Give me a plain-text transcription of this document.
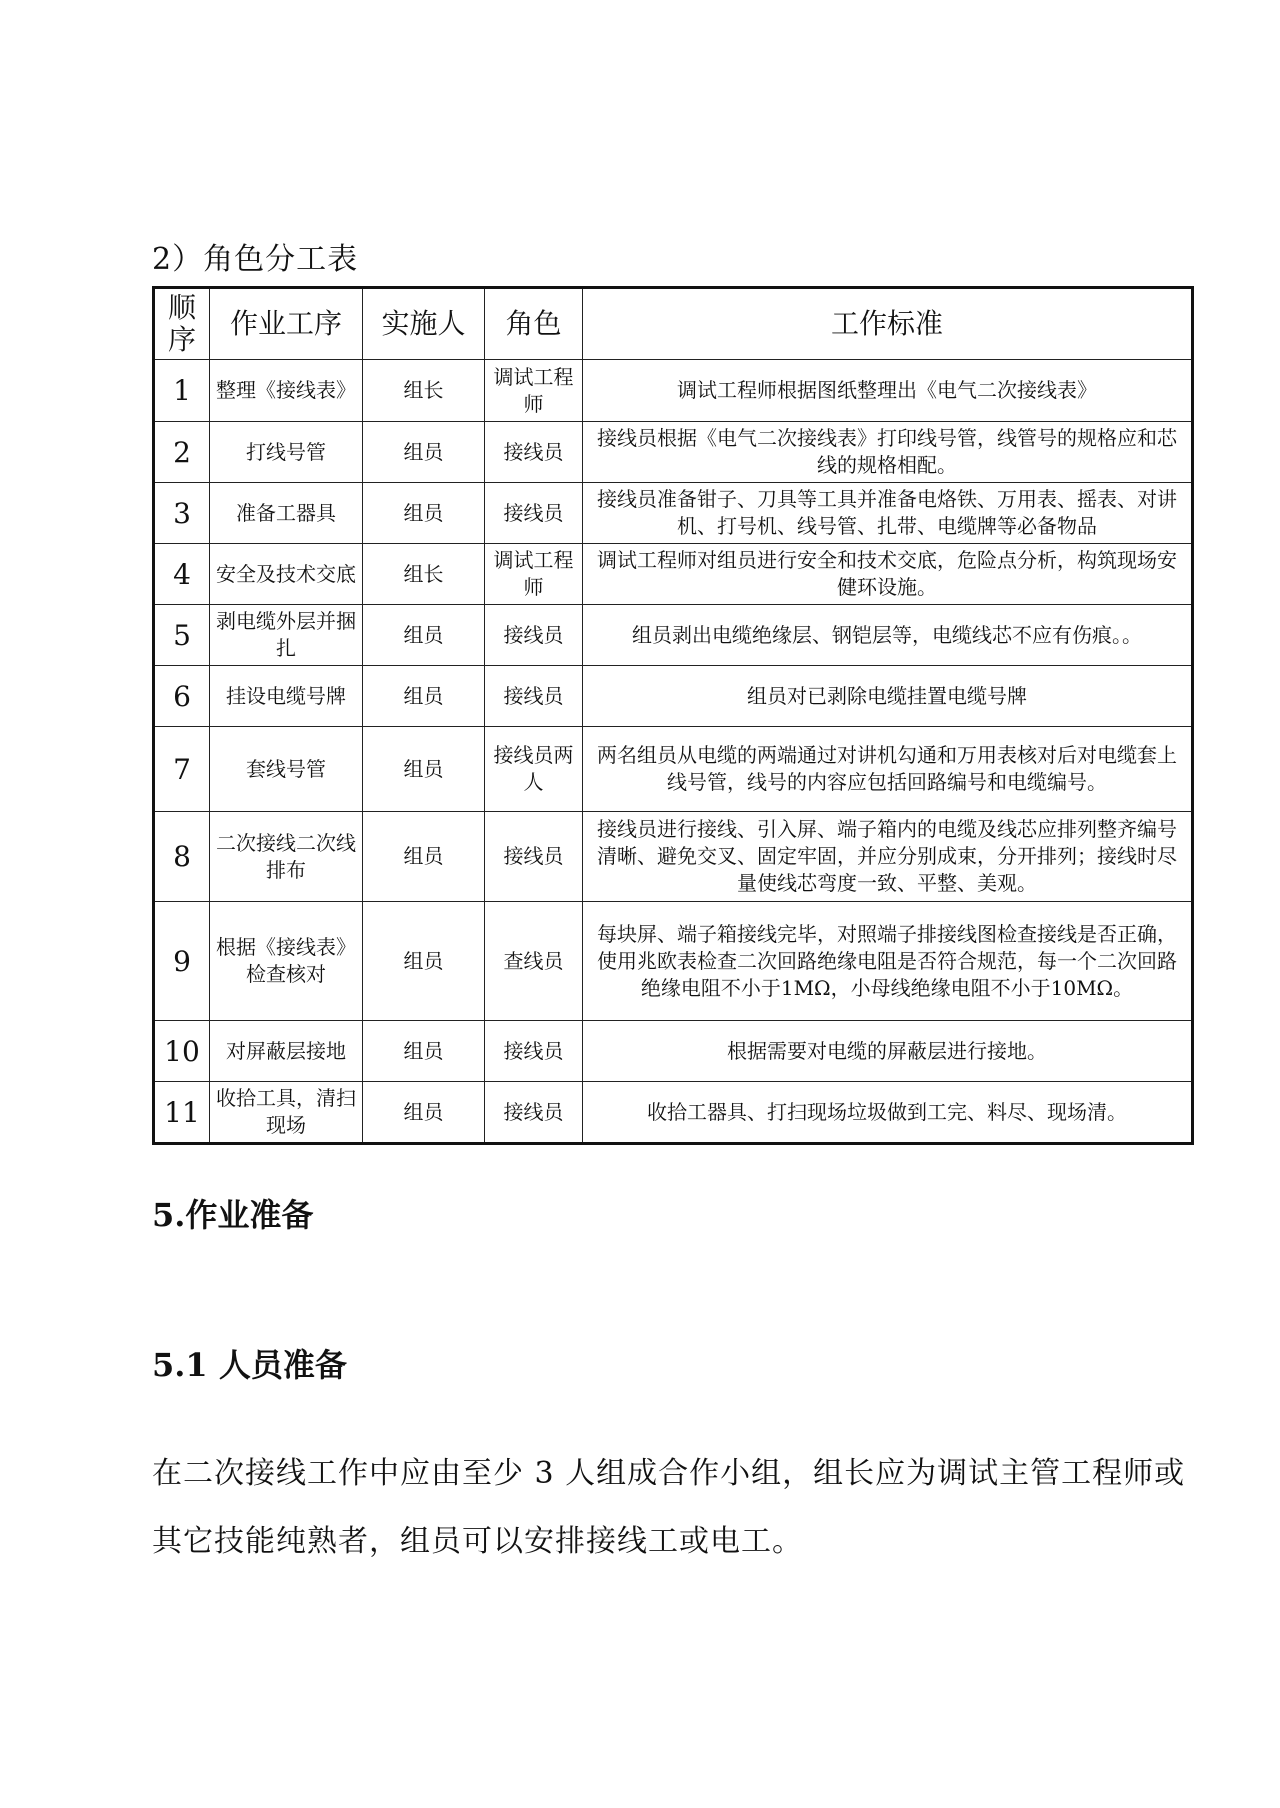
2）角色分工表
顺序	作业工序	实施人	角色	工作标准
1	整理《接线表》	组长	调试工程师	调试工程师根据图纸整理出《电气二次接线表》
2	打线号管	组员	接线员	接线员根据《电气二次接线表》打印线号管，线管号的规格应和芯线的规格相配。
3	准备工器具	组员	接线员	接线员准备钳子、刀具等工具并准备电烙铁、万用表、摇表、对讲机、打号机、线号管、扎带、电缆牌等必备物品
4	安全及技术交底	组长	调试工程师	调试工程师对组员进行安全和技术交底，危险点分析，构筑现场安健环设施。
5	剥电缆外层并捆扎	组员	接线员	组员剥出电缆绝缘层、钢铠层等，电缆线芯不应有伤痕。。
6	挂设电缆号牌	组员	接线员	组员对已剥除电缆挂置电缆号牌
7	套线号管	组员	接线员两人	两名组员从电缆的两端通过对讲机勾通和万用表核对后对电缆套上线号管，线号的内容应包括回路编号和电缆编号。
8	二次接线二次线排布	组员	接线员	接线员进行接线、引入屏、端子箱内的电缆及线芯应排列整齐编号清晰、避免交叉、固定牢固，并应分别成束，分开排列；接线时尽量使线芯弯度一致、平整、美观。
9	根据《接线表》检查核对	组员	查线员	每块屏、端子箱接线完毕，对照端子排接线图检查接线是否正确，使用兆欧表检查二次回路绝缘电阻是否符合规范，每一个二次回路绝缘电阻不小于1MΩ，小母线绝缘电阻不小于10MΩ。
10	对屏蔽层接地	组员	接线员	根据需要对电缆的屏蔽层进行接地。
11	收拾工具，清扫现场	组员	接线员	收拾工器具、打扫现场垃圾做到工完、料尽、现场清。
5.作业准备
5.1 人员准备
在二次接线工作中应由至少 3 人组成合作小组，组长应为调试主管工程师或其它技能纯熟者，组员可以安排接线工或电工。
